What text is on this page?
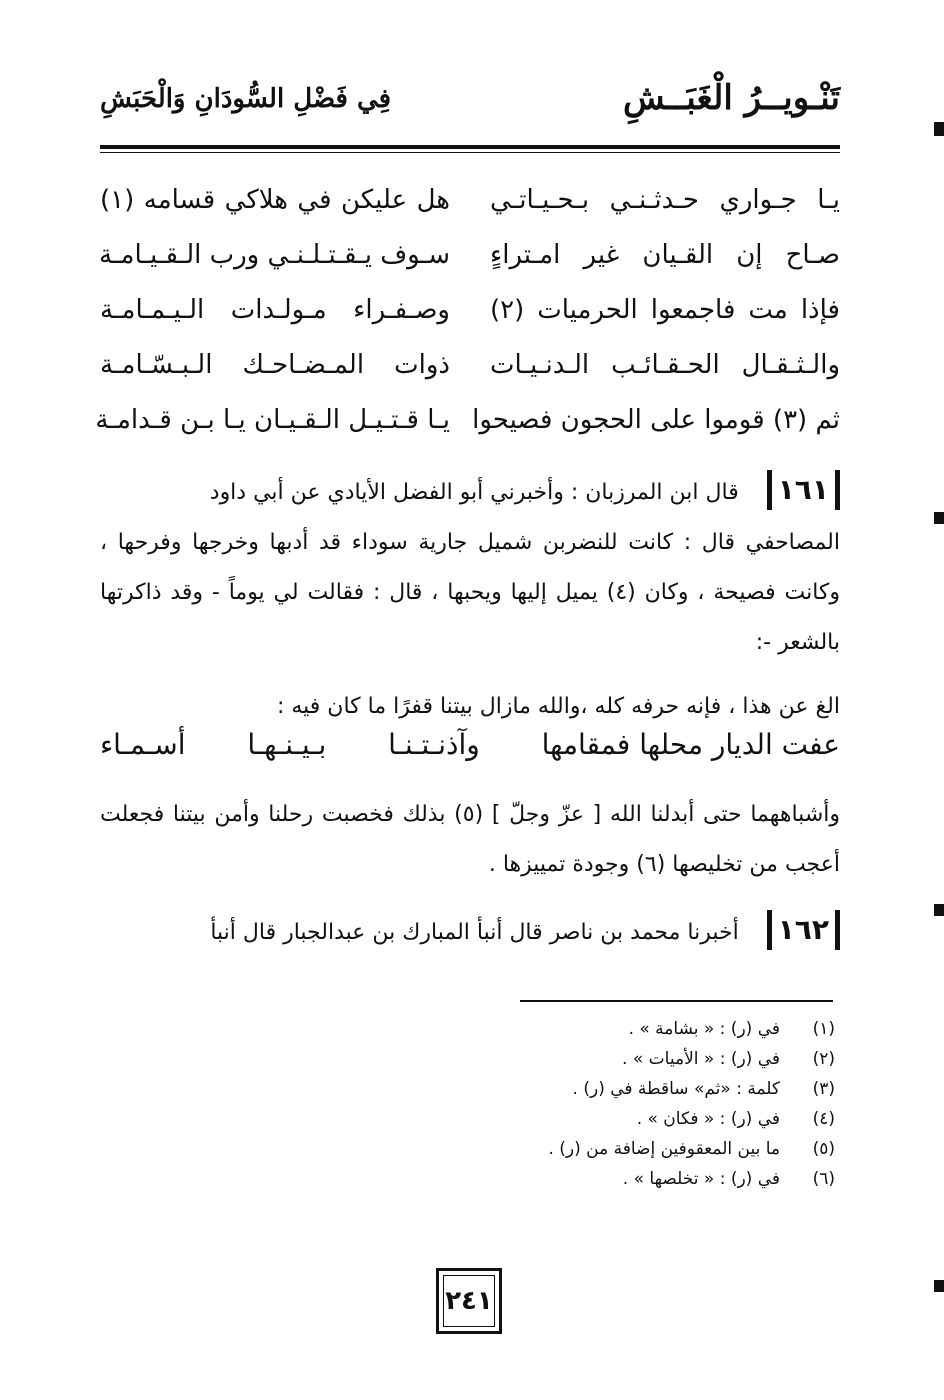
تَنْـويــرُ الْغَبَــشِ
فِي فَضْلِ السُّودَانِ وَالْحَبَشِ
يـا جـواري حـدثـنـي بـحـيـاتـي
هل عليكن في هلاكي قسامه (١)
صـاح إن القـيان غير امـتراءٍ
سـوف يـقـتـلـنـي ورب الـقـيـامـة
فإذا مت فاجمعوا الحرميات (٢)
وصـفـراء مـولـدات الـيـمـامـة
والـثـقـال الحـقـائـب الـدنـيـات
ذوات المـضـاحـك الـبـسّـامـة
ثم (٣) قوموا على الحجون فصيحوا
يـا قـتـيـل الـقـيـان يـا بـن قـدامـة
١٦١قال ابن المرزبان : وأخبرني أبو الفضل الأيادي عن أبي داود
المصاحفي قال : كانت للنضربن شميل جارية سوداء قد أدبها وخرجها وفرحها ، وكانت فصيحة ، وكان (٤) يميل إليها ويحبها ، قال : فقالت لي يوماً - وقد ذاكرتها بالشعر -:
الغ عن هذا ، فإنه حرفه كله ،والله مازال بيتنا قفرًا ما كان فيه :
عفت الديار محلها فمقامها
وآذنـتـنـا
بـيـنـهـا
أسـمـاء
وأشباههما حتى أبدلنا الله [ عزّ وجلّ ] (٥) بذلك فخصبت رحلنا وأمن بيتنا فجعلت أعجب من تخليصها (٦) وجودة تمييزها .
١٦٢أخبرنا محمد بن ناصر قال أنبأ المبارك بن عبدالجبار قال أنبأ
(١)
في (ر) : « بشامة » .
(٢)
في (ر) : « الأميات » .
(٣)
كلمة : «ثم» ساقطة في (ر) .
(٤)
في (ر) : « فكان » .
(٥)
ما بين المعقوفين إضافة من (ر) .
(٦)
في (ر) : « تخلصها » .
٢٤١
